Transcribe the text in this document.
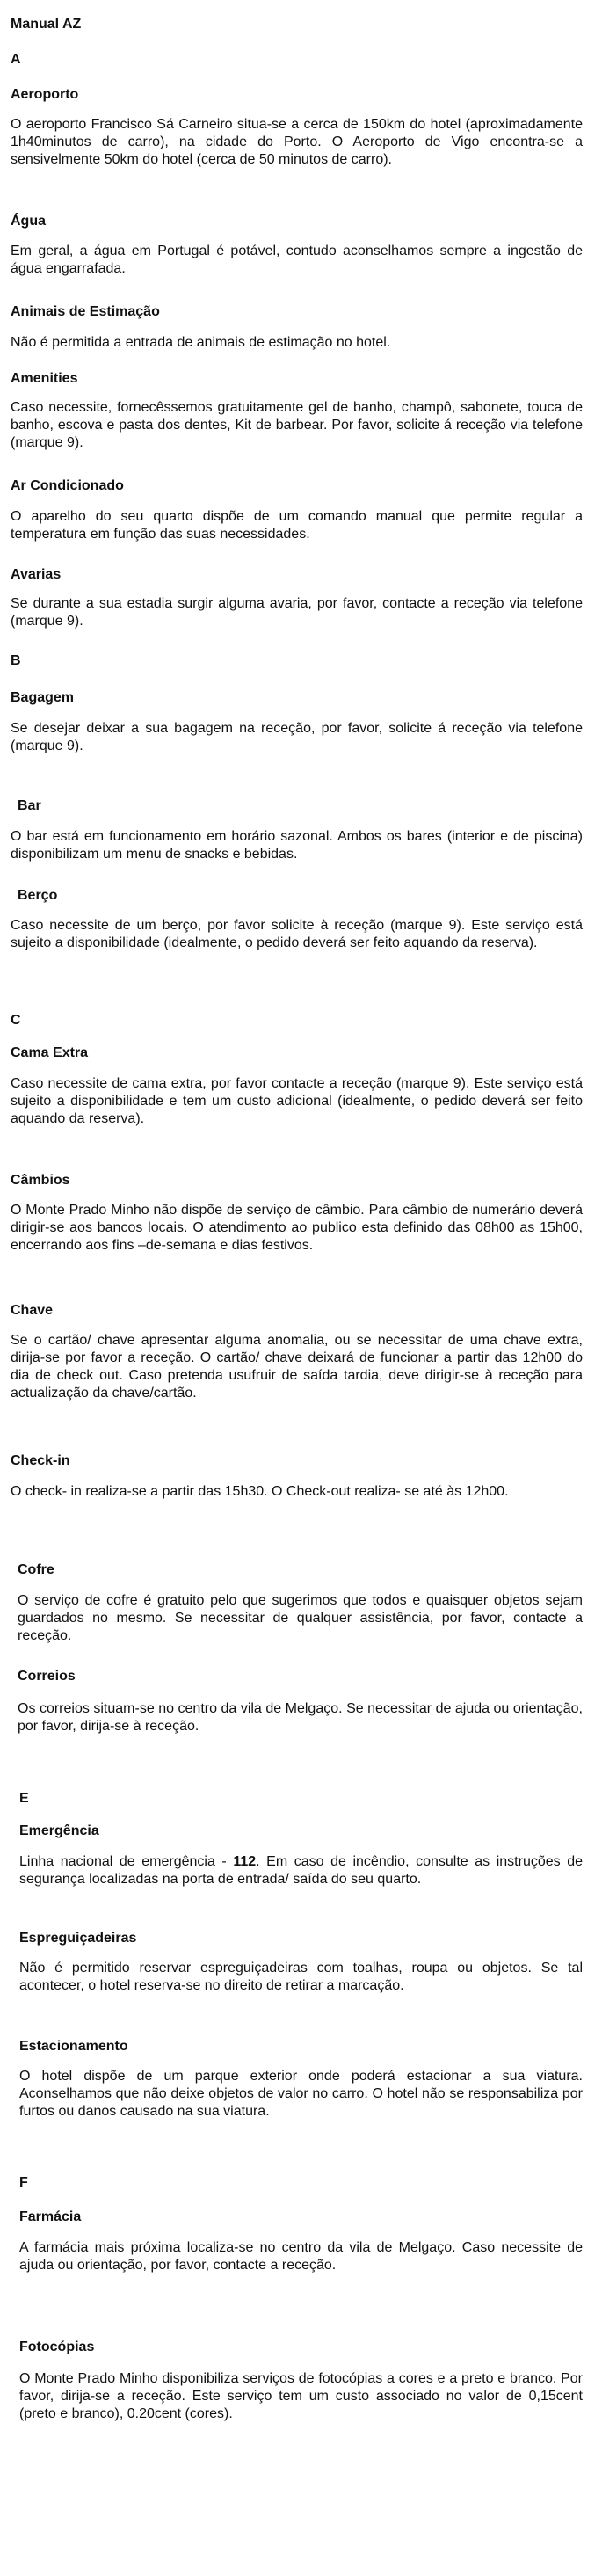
Manual AZ

A

Aeroporto

O aeroporto Francisco Sá Carneiro situa-se a cerca de 150km do hotel (aproximadamente 1h40minutos de carro), na cidade do Porto. O Aeroporto de Vigo encontra-se a sensivelmente 50km do hotel (cerca de 50 minutos de carro).

Água

Em geral, a água em Portugal é potável, contudo aconselhamos sempre a ingestão de água engarrafada.

Animais de Estimação

Não é permitida a entrada de animais de estimação no hotel.

Amenities

Caso necessite, fornecêssemos gratuitamente gel de banho, champô, sabonete, touca de banho, escova e pasta dos dentes, Kit de barbear. Por favor, solicite á receção via telefone (marque 9).

Ar Condicionado

O aparelho do seu quarto dispõe de um comando manual que permite regular a temperatura em função das suas necessidades.

Avarias

Se durante a sua estadia surgir alguma avaria, por favor, contacte a receção via telefone (marque 9).

B

Bagagem

Se desejar deixar a sua bagagem na receção, por favor, solicite á receção via telefone (marque 9).

Bar

O bar está em funcionamento em horário sazonal. Ambos os bares (interior e de piscina) disponibilizam um menu de snacks e bebidas.

Berço

Caso necessite de um berço, por favor solicite à receção (marque 9). Este serviço está sujeito a disponibilidade (idealmente, o pedido deverá ser feito aquando da reserva).

C

Cama Extra

Caso necessite de cama extra, por favor contacte a receção (marque 9). Este serviço está sujeito a disponibilidade e tem um custo adicional (idealmente, o pedido deverá ser feito aquando da reserva).

Câmbios

O Monte Prado Minho não dispõe de serviço de câmbio. Para câmbio de numerário deverá dirigir-se aos bancos locais. O atendimento ao publico esta definido das 08h00 as 15h00, encerrando aos fins –de-semana e dias festivos.

Chave

Se o cartão/ chave apresentar alguma anomalia, ou se necessitar de uma chave extra, dirija-se por favor a receção. O cartão/ chave deixará de funcionar a partir das 12h00 do dia de check out. Caso pretenda usufruir de saída tardia, deve dirigir-se à receção para actualização da chave/cartão.

Check-in

O check- in realiza-se a partir das 15h30. O Check-out realiza- se até às 12h00.

Cofre

O serviço de cofre é gratuito pelo que sugerimos que todos e quaisquer objetos sejam guardados no mesmo. Se necessitar de qualquer assistência, por favor, contacte a receção.

Correios

Os correios situam-se no centro da vila de Melgaço. Se necessitar de ajuda ou orientação, por favor, dirija-se à receção.

E

Emergência

Linha nacional de emergência - 112. Em caso de incêndio, consulte as instruções de segurança localizadas na porta de entrada/ saída do seu quarto.

Espreguiçadeiras

Não é permitido reservar espreguiçadeiras com toalhas, roupa ou objetos. Se tal acontecer, o hotel reserva-se no direito de retirar a marcação.

Estacionamento

O hotel dispõe de um parque exterior onde poderá estacionar a sua viatura. Aconselhamos que não deixe objetos de valor no carro. O hotel não se responsabiliza por furtos ou danos causado na sua viatura.

F

Farmácia

A farmácia mais próxima localiza-se no centro da vila de Melgaço. Caso necessite de ajuda ou orientação, por favor, contacte a receção.

Fotocópias

O Monte Prado Minho disponibiliza serviços de fotocópias a cores e a preto e branco. Por favor, dirija-se a receção. Este serviço tem um custo associado no valor de 0,15cent (preto e branco), 0.20cent (cores).
